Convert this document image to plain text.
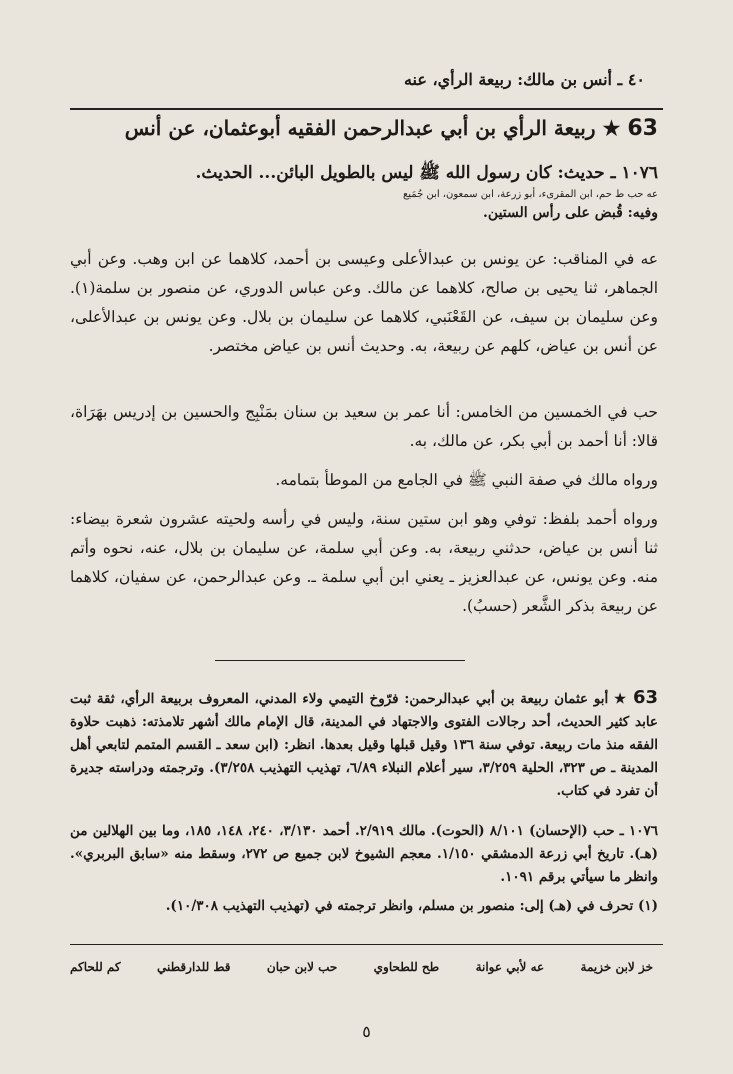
٤٠ ـ أنس بن مالك: ربيعة الرأي، عنه
63 ★ ربيعة الرأي بن أبي عبدالرحمن الفقيه أبوعثمان، عن أنس
١٠٧٦ ـ حديث: كان رسول الله ﷺ ليس بالطويل البائن... الحديث.
عه حب ط حم، ابن المقرىء، أبو زرعة، ابن سمعون، ابن جُمَيع
وفيه: قُبض على رأس الستين.
عه في المناقب: عن يونس بن عبدالأعلى وعيسى بن أحمد، كلاهما عن ابن وهب. وعن أبي الجماهر، ثنا يحيى بن صالح، كلاهما عن مالك. وعن عباس الدوري، عن منصور بن سلمة(١). وعن سليمان بن سيف، عن القَعْنَبي، كلاهما عن سليمان بن بلال. وعن يونس بن عبدالأعلى، عن أنس بن عياض، كلهم عن ربيعة، به. وحديث أنس بن عياض مختصر.
حب في الخمسين من الخامس: أنا عمر بن سعيد بن سنان بمَنْبِج والحسين بن إدريس بهَرَاة، قالا: أنا أحمد بن أبي بكر، عن مالك، به.
ورواه مالك في صفة النبي ﷺ في الجامع من الموطأ بتمامه.
ورواه أحمد بلفظ: توفي وهو ابن ستين سنة، وليس في رأسه ولحيته عشرون شعرة بيضاء: ثنا أنس بن عياض، حدثني ربيعة، به. وعن أبي سلمة، عن سليمان بن بلال، عنه، نحوه وأتم منه. وعن يونس، عن عبدالعزيز ـ يعني ابن أبي سلمة ـ. وعن عبدالرحمن، عن سفيان، كلاهما عن ربيعة بذكر الشَّعر (حسبُ).
63 ★ أبو عثمان ربيعة بن أبي عبدالرحمن: فرّوخ التيمي ولاء المدني، المعروف بربيعة الرأي، ثقة ثبت عابد كثير الحديث، أحد رجالات الفتوى والاجتهاد في المدينة، قال الإمام مالك أشهر تلامذته: ذهبت حلاوة الفقه منذ مات ربيعة. توفي سنة ١٣٦ وقيل قبلها وقيل بعدها. انظر: (ابن سعد ـ القسم المتمم لتابعي أهل المدينة ـ ص ٣٢٣، الحلية ٣/٢٥٩، سير أعلام النبلاء ٦/٨٩، تهذيب التهذيب ٣/٢٥٨). وترجمته ودراسته جديرة أن تفرد في كتاب.
١٠٧٦ ـ حب (الإحسان) ٨/١٠١ (الحوت). مالك ٢/٩١٩. أحمد ٣/١٣٠، ٢٤٠، ١٤٨، ١٨٥، وما بين الهلالين من (هـ). تاريخ أبي زرعة الدمشقي ١/١٥٠. معجم الشيوخ لابن جميع ص ٢٧٢، وسقط منه «سابق البربري». وانظر ما سيأتي برقم ١٠٩١.
(١) تحرف في (هـ) إلى: منصور بن مسلم، وانظر ترجمته في (تهذيب التهذيب ١٠/٣٠٨).
خز لابن خزيمة
عه لأبي عوانة
طح للطحاوي
حب لابن حبان
قط للدارقطني
كم للحاكم
٥
